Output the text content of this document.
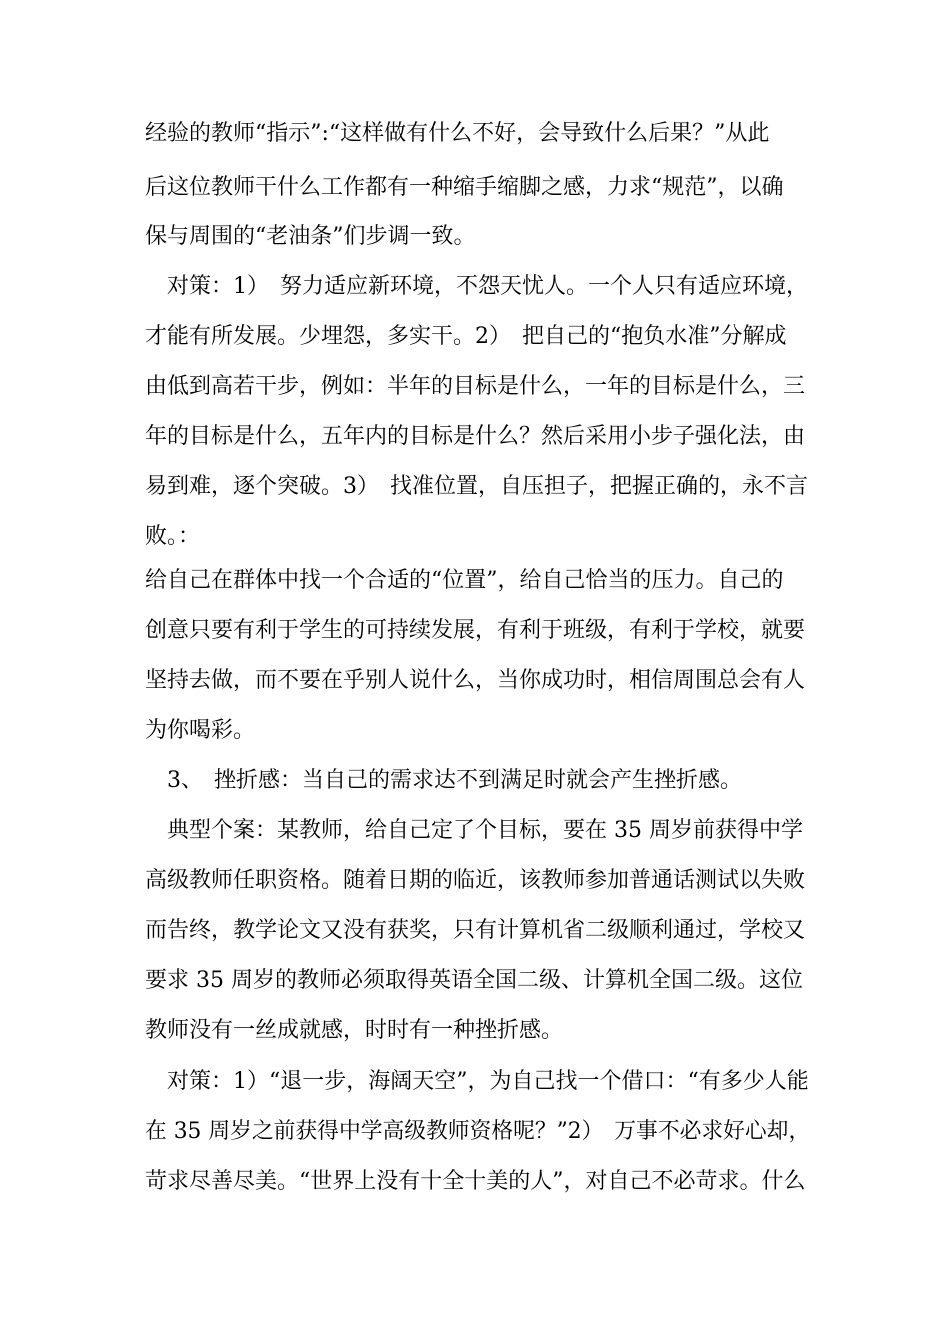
经验的教师“指示”:“这样做有什么不好，会导致什么后果？”从此
后这位教师干什么工作都有一种缩手缩脚之感，力求“规范”，以确
保与周围的“老油条”们步调一致。
　对策：1）　努力适应新环境，不怨天忧人。一个人只有适应环境，
才能有所发展。少埋怨，多实干。2）　把自己的“抱负水准”分解成
由低到高若干步，例如：半年的目标是什么，一年的目标是什么，三
年的目标是什么，五年内的目标是什么？然后采用小步子强化法，由
易到难，逐个突破。3）　找准位置，自压担子，把握正确的，永不言
败。：
给自己在群体中找一个合适的“位置”，给自己恰当的压力。自己的
创意只要有利于学生的可持续发展，有利于班级，有利于学校，就要
坚持去做，而不要在乎别人说什么，当你成功时，相信周围总会有人
为你喝彩。
　3、　挫折感：当自己的需求达不到满足时就会产生挫折感。
　典型个案：某教师，给自己定了个目标，要在 35 周岁前获得中学
高级教师任职资格。随着日期的临近，该教师参加普通话测试以失败
而告终，教学论文又没有获奖，只有计算机省二级顺利通过，学校又
要求 35 周岁的教师必须取得英语全国二级、计算机全国二级。这位
教师没有一丝成就感，时时有一种挫折感。
　对策：1）“退一步，海阔天空”，为自己找一个借口：“有多少人能
在 35 周岁之前获得中学高级教师资格呢？”2）　万事不必求好心却，
苛求尽善尽美。“世界上没有十全十美的人”，对自己不必苛求。什么
